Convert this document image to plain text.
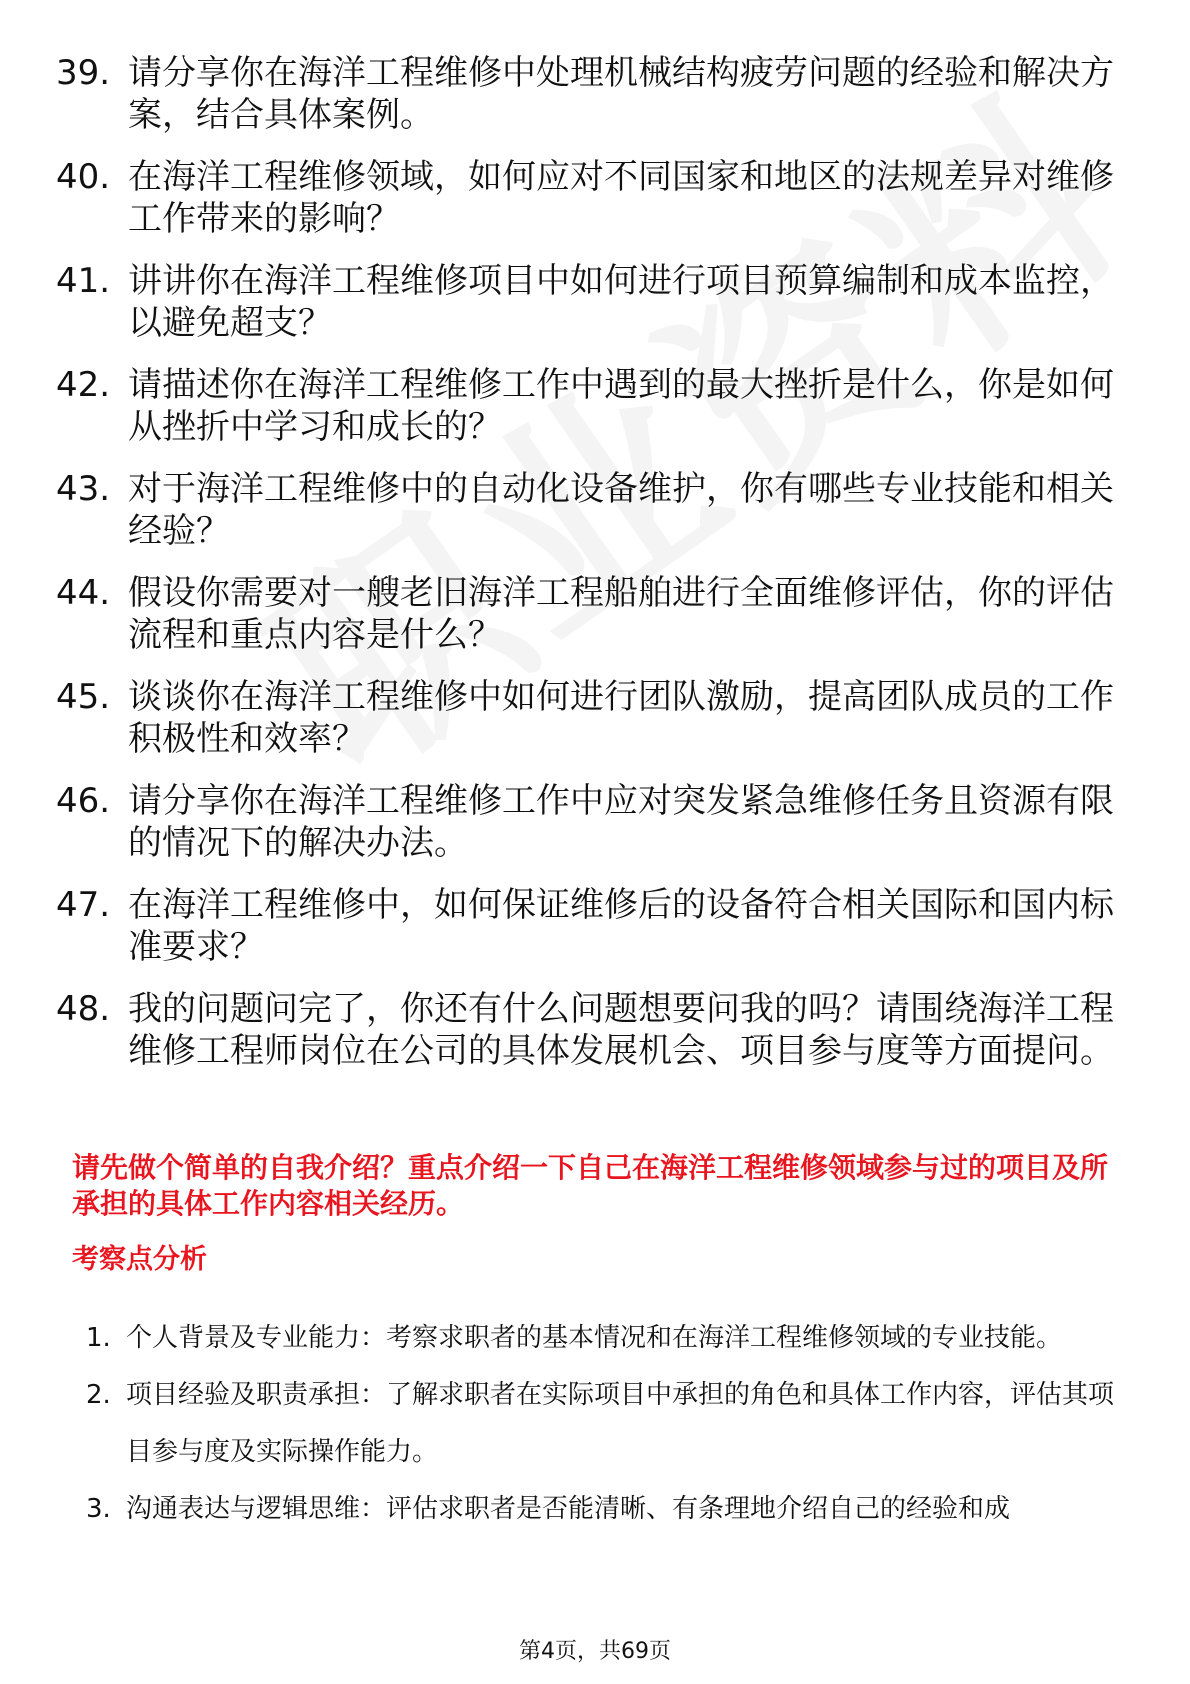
39. 请分享你在海洋工程维修中处理机械结构疲劳问题的经验和解决方案，结合具体案例。
40. 在海洋工程维修领域，如何应对不同国家和地区的法规差异对维修工作带来的影响？
41. 讲讲你在海洋工程维修项目中如何进行项目预算编制和成本监控，以避免超支？
42. 请描述你在海洋工程维修工作中遇到的最大挫折是什么，你是如何从挫折中学习和成长的？
43. 对于海洋工程维修中的自动化设备维护，你有哪些专业技能和相关经验？
44. 假设你需要对一艘老旧海洋工程船舶进行全面维修评估，你的评估流程和重点内容是什么？
45. 谈谈你在海洋工程维修中如何进行团队激励，提高团队成员的工作积极性和效率？
46. 请分享你在海洋工程维修工作中应对突发紧急维修任务且资源有限的情况下的解决办法。
47. 在海洋工程维修中，如何保证维修后的设备符合相关国际和国内标准要求？
48. 我的问题问完了，你还有什么问题想要问我的吗？请围绕海洋工程维修工程师岗位在公司的具体发展机会、项目参与度等方面提问。
请先做个简单的自我介绍？重点介绍一下自己在海洋工程维修领域参与过的项目及所承担的具体工作内容相关经历。
考察点分析
1. 个人背景及专业能力：考察求职者的基本情况和在海洋工程维修领域的专业技能。
2. 项目经验及职责承担：了解求职者在实际项目中承担的角色和具体工作内容，评估其项目参与度及实际操作能力。
3. 沟通表达与逻辑思维：评估求职者是否能清晰、有条理地介绍自己的经验和成
第4页，共69页
